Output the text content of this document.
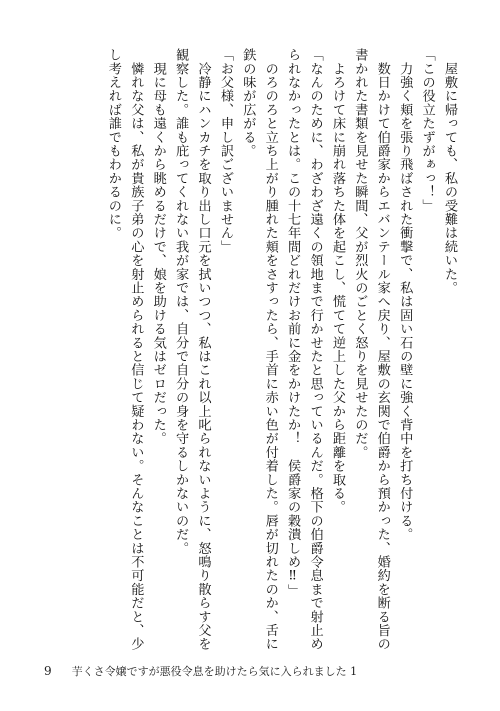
　屋敷に帰っても、私の受難は続いた。
「この役立たずがぁっ！」
　力強く頬を張り飛ばされた衝撃で、私は固い石の壁に強く背中を打ち付ける。
　数日かけて伯爵家からエバンテール家へ戻り、屋敷の玄関で伯爵から預かった、婚約を断る旨の
書かれた書類を見せた瞬間、父が烈火のごとく怒りを見せたのだ。
　よろけて床に崩れ落ちた体を起こし、慌てて逆上した父から距離を取る。
「なんのために、わざわざ遠くの領地まで行かせたと思っているんだ。格下の伯爵令息まで射止め
られなかったとは。この十七年間どれだけお前に金をかけたか！　侯爵家の穀潰しめ‼」
　のろのろと立ち上がり腫れた頬をさすったら、手首に赤い色が付着した。唇が切れたのか、舌に
鉄の味が広がる。
「お父様、申し訳ございません」
　冷静にハンカチを取り出し口元を拭いつつ、私はこれ以上叱られないように、怒鳴り散らす父を
観察した。誰も庇ってくれない我が家では、自分で自分の身を守るしかないのだ。
　現に母も遠くから眺めるだけで、娘を助ける気はゼロだった。
　憐れな父は、私が貴族子弟の心を射止められると信じて疑わない。そんなことは不可能だと、少
し考えれば誰でもわかるのに。
9 芋くさ令嬢ですが悪役令息を助けたら気に入られました 1
